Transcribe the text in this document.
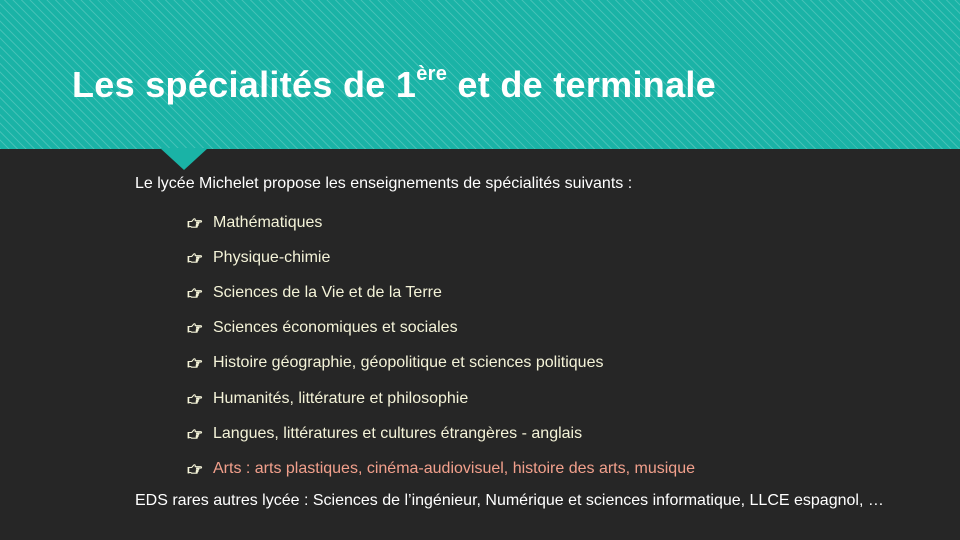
Les spécialités de 1ère et de terminale

Le lycée Michelet propose les enseignements de spécialités suivants :

Mathématiques
Physique-chimie
Sciences de la Vie et de la Terre
Sciences économiques et sociales
Histoire géographie, géopolitique et sciences politiques
Humanités, littérature et philosophie
Langues, littératures et cultures étrangères - anglais
Arts : arts plastiques, cinéma-audiovisuel, histoire des arts, musique

EDS rares autres lycée : Sciences de l’ingénieur, Numérique et sciences informatique, LLCE espagnol, …
